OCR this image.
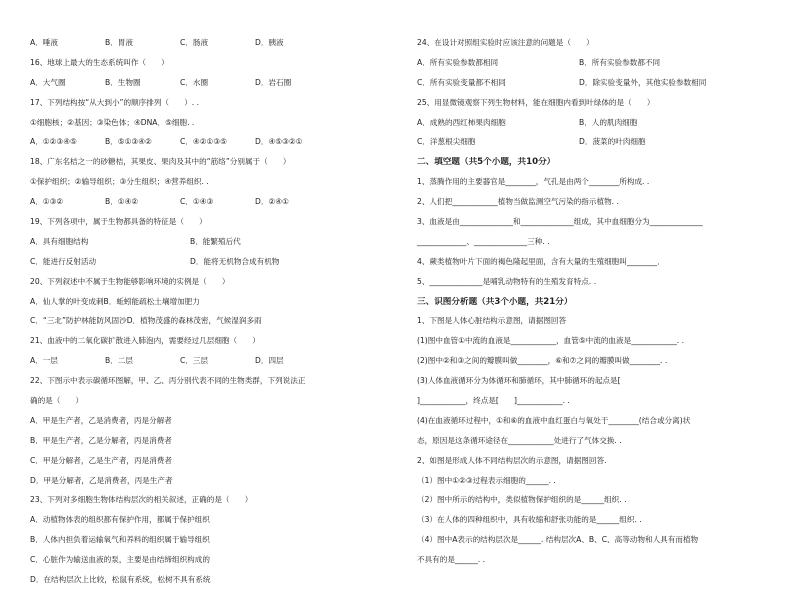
A．唾液	B．胃液	C．肠液	D．胰液
16、地球上最大的生态系统叫作（　　）
A．大气圈	B．生物圈	C．水圈	D．岩石圈
17、下列结构按“从大到小”的顺序排列（　　）. .
①细胞核；②基因；③染色体；④DNA．⑤细胞. .
A．①②③④⑤	B．⑤①③④②	C．④②①③⑤	D．④⑤③②①
18、广东名桔之一的砂糖桔，其果皮、果肉及其中的“筋络”分别属于（　　）
①保护组织；②输导组织；③分生组织；④营养组织. .
A．①③②	B．①④②	C．①④③	D．②④①
19、下列各项中，属于生物都具备的特征是（　　）
A．具有细胞结构	B．能繁殖后代
C．能进行反射活动	D．能将无机物合成有机物
20、下列叙述中不属于生物能够影响环境的实例是（　　）
A．仙人掌的叶变成刺B．蚯蚓能疏松土壤增加肥力
C．“三北”防护林能防风固沙D．植物茂盛的森林茂密，气候湿润多雨
21、血液中的二氧化碳扩散进入肺泡内，需要经过几层细胞（　　）
A．一层	B．二层	C．三层	D．四层
22、下图示中表示碳循环图解，甲、乙、丙分别代表不同的生物类群，下列说法正
确的是（　　）
A．甲是生产者，乙是消费者，丙是分解者
B．甲是生产者，乙是分解者，丙是消费者
C．甲是分解者，乙是生产者，丙是消费者
D．甲是分解者，乙是消费者，丙是生产者
23、下列对多细胞生物体结构层次的相关叙述，正确的是（　　）
A．动植物体表的组织都有保护作用，都属于保护组织
B．人体内担负着运输氧气和养料的组织属于输导组织
C．心脏作为输送血液的泵，主要是由结缔组织构成的
D．在结构层次上比较，松鼠有系统，松树不具有系统
24、在设计对照组实验时应该注意的问题是（　　）
A．所有实验参数都相同	B．所有实验参数都不同
C．所有实验变量都不相同	D．除实验变量外，其他实验参数相同
25、用显微镜观察下列生物材料，能在细胞内看到叶绿体的是（　　）
A．成熟的西红柿果肉细胞	B．人的肌肉细胞
C．洋葱根尖细胞	D．菠菜的叶肉细胞
二、填空题（共5个小题，共10分）
1、蒸腾作用的主要器官是________，气孔是由两个________所构成. .
2、人们把____________植物当做监测空气污染的指示植物. .
3、血液是由______________和______________组成，其中血细胞分为______________
_____________、______________三种. .
4、蕨类植物叶片下面的褐色隆起里面，含有大量的生殖细胞叫________．
5、______________是哺乳动物特有的生殖发育特点. .
三、识图分析题（共3个小题，共21分）
1、下图是人体心脏结构示意图，请据图回答
(1)图中血管①中流的血液是____________，血管⑤中流的血液是____________. .
(2)图中②和③之间的瓣膜叫做________，⑥和⑦之间的瓣膜叫做________. .
(3)人体血液循环分为体循环和肺循环，其中肺循环的起点是[
]____________，终点是[　　]____________. .
(4)在血液循环过程中，①和⑥的血液中血红蛋白与氧处于________(结合或分离)状
态，原因是这条循环途径在____________处进行了气体交换. .
2、如图是形成人体不同结构层次的示意图，请据图回答.
（1）图中①②③过程表示细胞的______. .
（2）图中所示的结构中，类似植物保护组织的是______组织. .
（3）在人体的四种组织中，具有收缩和舒张功能的是______组织. .
（4）图中A表示的结构层次是______. 结构层次A、B、C、高等动物和人具有而植物
不具有的是______. .
